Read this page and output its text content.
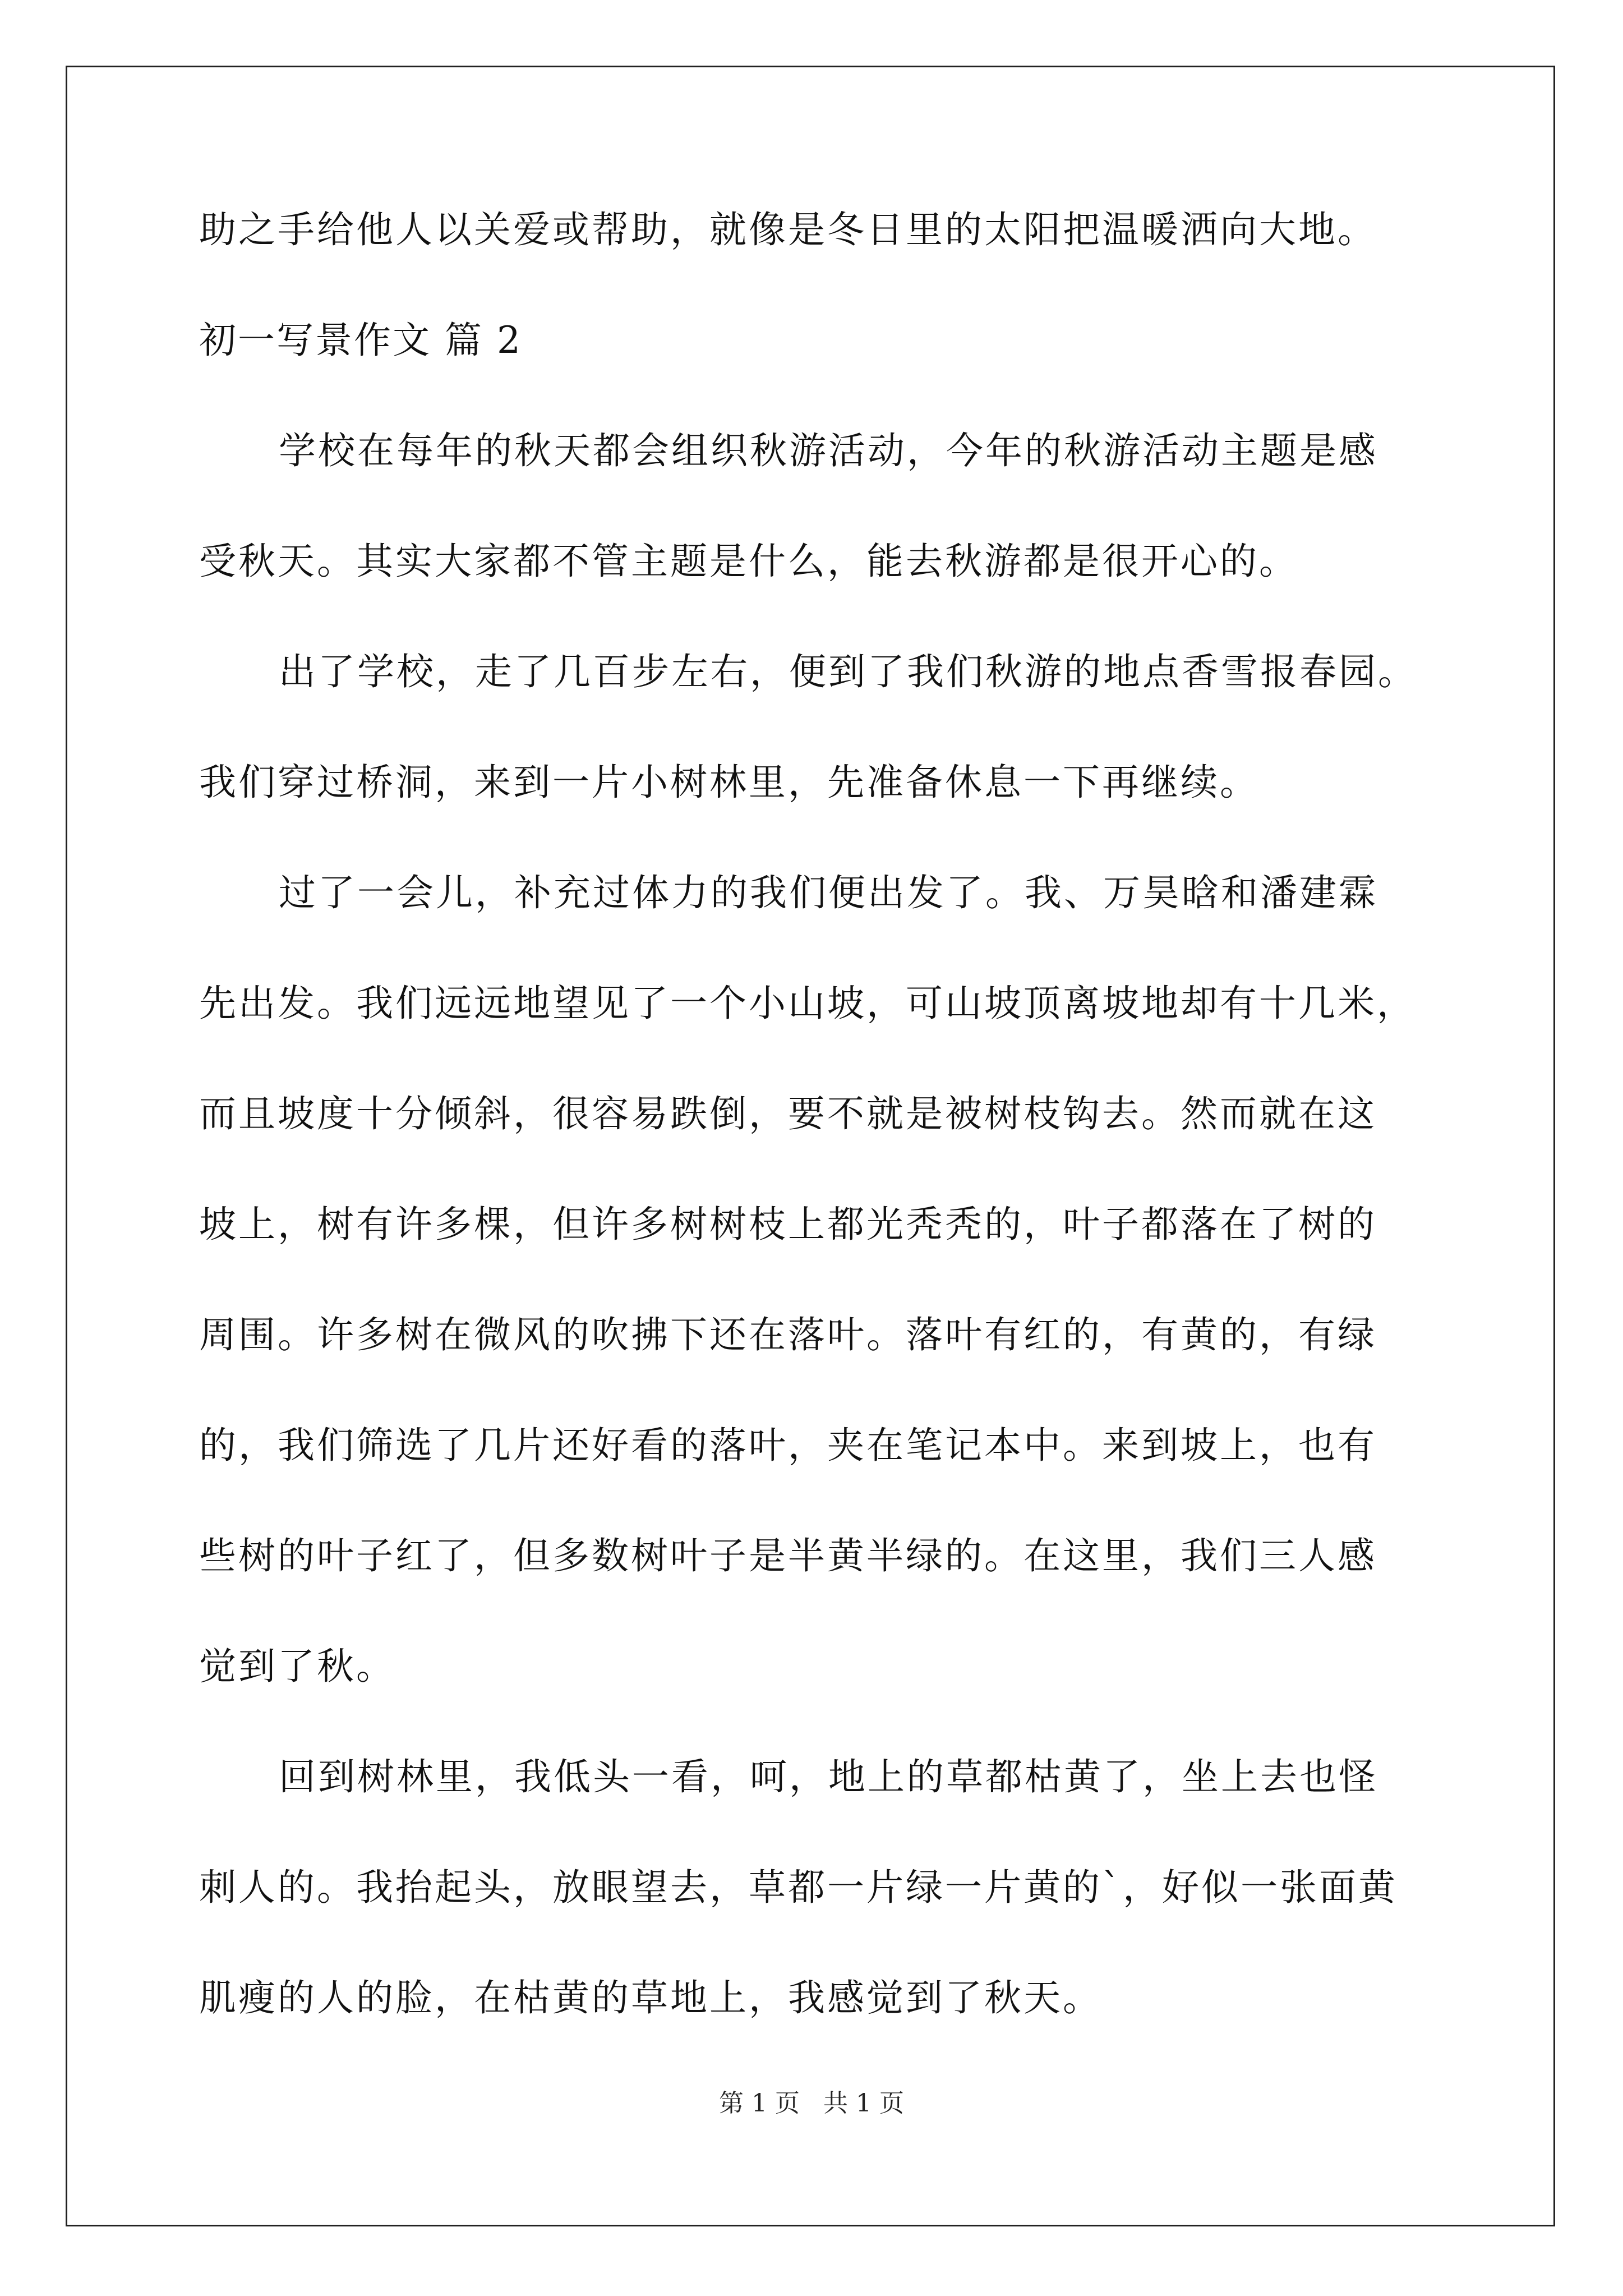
助之手给他人以关爱或帮助，就像是冬日里的太阳把温暖洒向大地。
初一写景作文 篇 2
学校在每年的秋天都会组织秋游活动，今年的秋游活动主题是感
受秋天。其实大家都不管主题是什么，能去秋游都是很开心的。
出了学校，走了几百步左右，便到了我们秋游的地点香雪报春园。
我们穿过桥洞，来到一片小树林里，先准备休息一下再继续。
过了一会儿，补充过体力的我们便出发了。我、万昊晗和潘建霖
先出发。我们远远地望见了一个小山坡，可山坡顶离坡地却有十几米，
而且坡度十分倾斜，很容易跌倒，要不就是被树枝钩去。然而就在这
坡上，树有许多棵，但许多树树枝上都光秃秃的，叶子都落在了树的
周围。许多树在微风的吹拂下还在落叶。落叶有红的，有黄的，有绿
的，我们筛选了几片还好看的落叶，夹在笔记本中。来到坡上，也有
些树的叶子红了，但多数树叶子是半黄半绿的。在这里，我们三人感
觉到了秋。
回到树林里，我低头一看，呵，地上的草都枯黄了，坐上去也怪
刺人的。我抬起头，放眼望去，草都一片绿一片黄的`，好似一张面黄
肌瘦的人的脸，在枯黄的草地上，我感觉到了秋天。
第 1 页   共 1 页
